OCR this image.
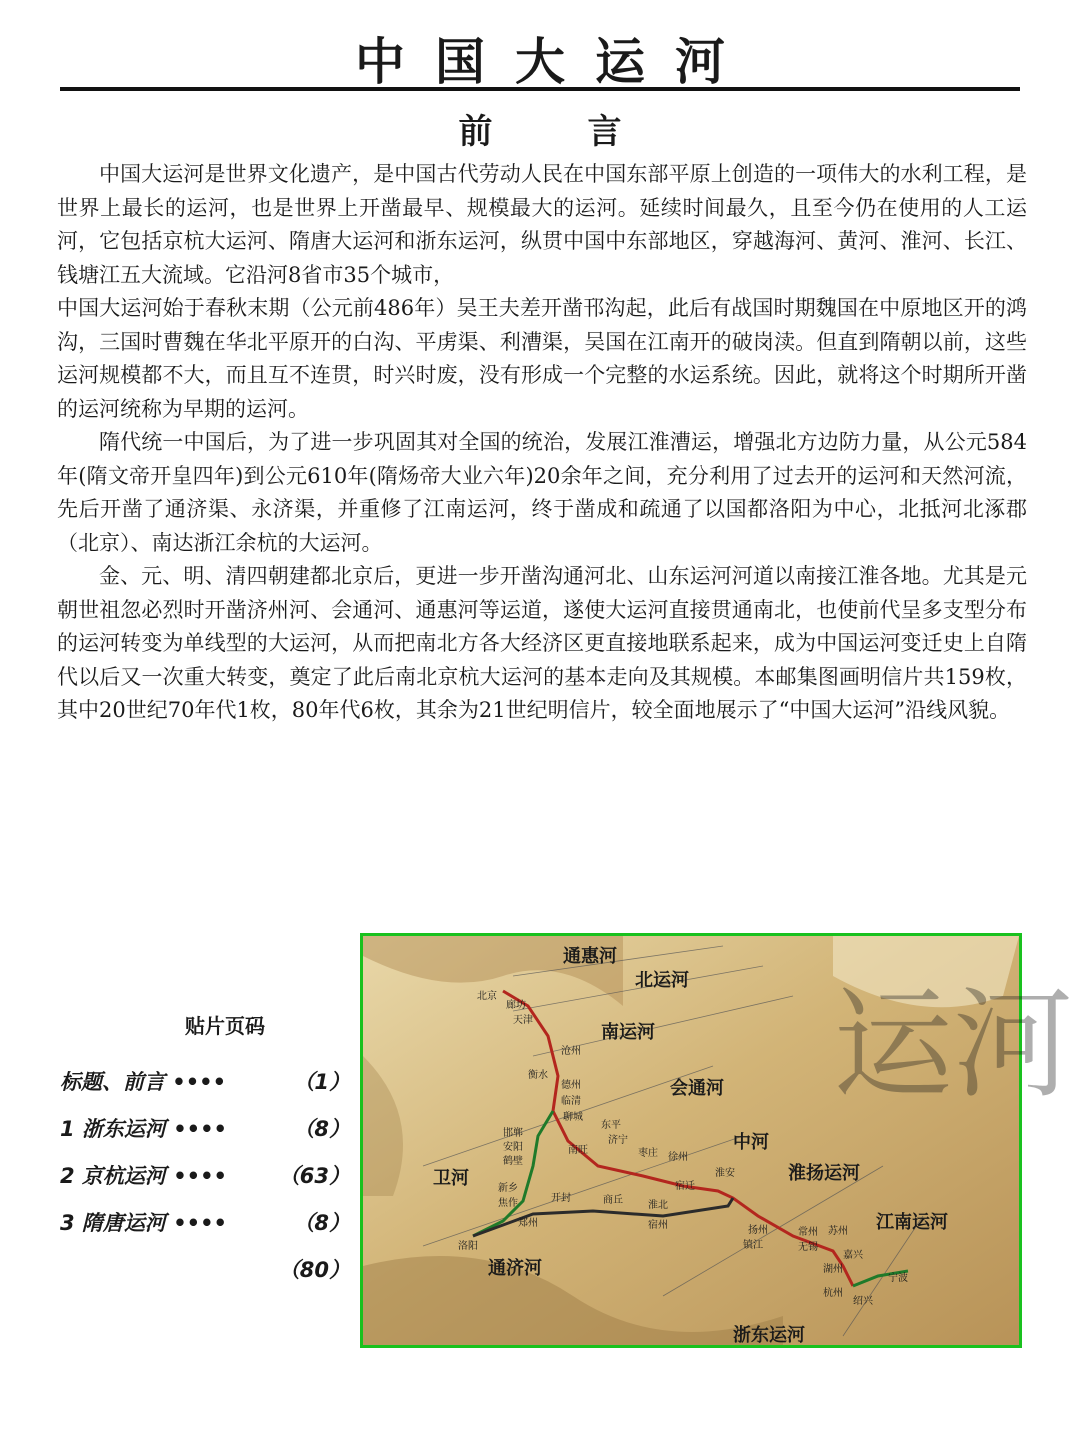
中国大运河
前	言

中国大运河是世界文化遗产，是中国古代劳动人民在中国东部平原上创造的一项伟大的水利工程，是世界上最长的运河，也是世界上开凿最早、规模最大的运河。延续时间最久，且至今仍在使用的人工运河，它包括京杭大运河、隋唐大运河和浙东运河，纵贯中国中东部地区，穿越海河、黄河、淮河、长江、钱塘江五大流域。它沿河8省市35个城市，

中国大运河始于春秋末期（公元前486年）吴王夫差开凿邗沟起，此后有战国时期魏国在中原地区开的鸿沟，三国时曹魏在华北平原开的白沟、平虏渠、利漕渠，吴国在江南开的破岗渎。但直到隋朝以前，这些运河规模都不大，而且互不连贯，时兴时废，没有形成一个完整的水运系统。因此，就将这个时期所开凿的运河统称为早期的运河。

隋代统一中国后，为了进一步巩固其对全国的统治，发展江淮漕运，增强北方边防力量，从公元584年(隋文帝开皇四年)到公元610年(隋炀帝大业六年)20余年之间，充分利用了过去开的运河和天然河流，先后开凿了通济渠、永济渠，并重修了江南运河，终于凿成和疏通了以国都洛阳为中心，北抵河北涿郡（北京）、南达浙江余杭的大运河。

金、元、明、清四朝建都北京后，更进一步开凿沟通河北、山东运河河道以南接江淮各地。尤其是元朝世祖忽必烈时开凿济州河、会通河、通惠河等运道，遂使大运河直接贯通南北，也使前代呈多支型分布的运河转变为单线型的大运河，从而把南北方各大经济区更直接地联系起来，成为中国运河变迁史上自隋代以后又一次重大转变，奠定了此后南北京杭大运河的基本走向及其规模。本邮集图画明信片共159枚，其中20世纪70年代1枚，80年代6枚，其余为21世纪明信片，较全面地展示了“中国大运河”沿线风貌。

贴片页码
标题、前言 ••••	（1）
1 浙东运河 ••••	（8）
2 京杭运河 •••• （63）
3 隋唐运河 ••••	（8）
（80）
运河
通惠河
北运河
南运河
会通河
中河
淮扬运河
江南运河
卫河
通济河
浙东运河
北京
廊坊
天津
沧州
衡水
德州
临清
聊城
东平
邯郸
安阳
鹤壁
济宁
南旺	枣庄 徐州
宿迁
淮安
新乡
焦作	开封	商丘	淮北
郑州	宿州
洛阳
扬州
镇江
常州
无锡
苏州
湖州
嘉兴
杭州
绍兴
宁波
